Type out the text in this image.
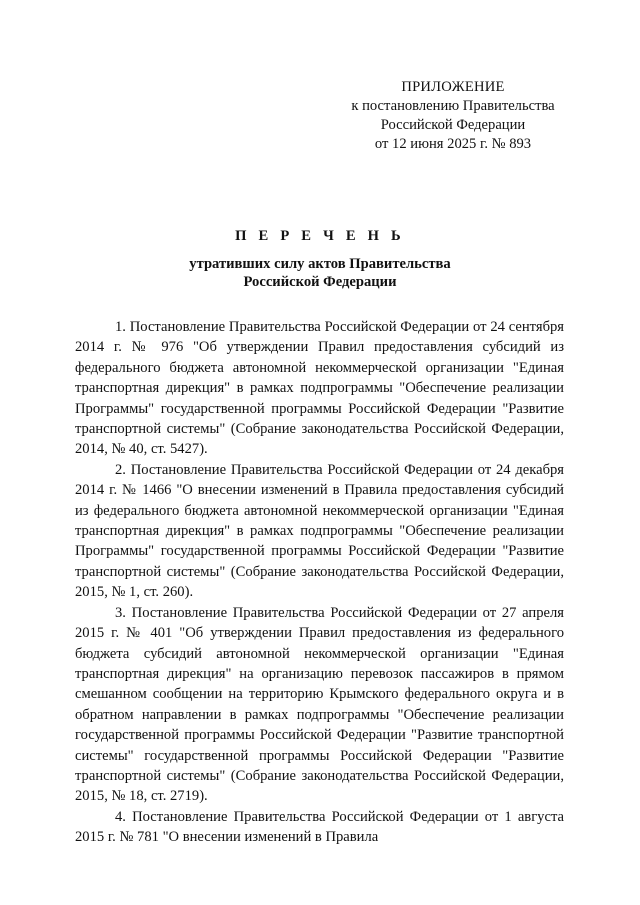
ПРИЛОЖЕНИЕ
к постановлению Правительства
Российской Федерации
от 12 июня 2025 г. № 893
П Е Р Е Ч Е Н Ь
утративших силу актов Правительства
Российской Федерации

1. Постановление Правительства Российской Федерации от 24 сентября 2014 г. № 976 "Об утверждении Правил предоставления субсидий из федерального бюджета автономной некоммерческой организации "Единая транспортная дирекция" в рамках подпрограммы "Обеспечение реализации Программы" государственной программы Российской Федерации "Развитие транспортной системы" (Собрание законодательства Российской Федерации, 2014, № 40, ст. 5427).

2. Постановление Правительства Российской Федерации от 24 декабря 2014 г. № 1466 "О внесении изменений в Правила предоставления субсидий из федерального бюджета автономной некоммерческой организации "Единая транспортная дирекция" в рамках подпрограммы "Обеспечение реализации Программы" государственной программы Российской Федерации "Развитие транспортной системы" (Собрание законодательства Российской Федерации, 2015, № 1, ст. 260).

3. Постановление Правительства Российской Федерации от 27 апреля 2015 г. № 401 "Об утверждении Правил предоставления из федерального бюджета субсидий автономной некоммерческой организации "Единая транспортная дирекция" на организацию перевозок пассажиров в прямом смешанном сообщении на территорию Крымского федерального округа и в обратном направлении в рамках подпрограммы "Обеспечение реализации государственной программы Российской Федерации "Развитие транспортной системы" государственной программы Российской Федерации "Развитие транспортной системы" (Собрание законодательства Российской Федерации, 2015, № 18, ст. 2719).

4. Постановление Правительства Российской Федерации от 1 августа 2015 г. № 781 "О внесении изменений в Правила
